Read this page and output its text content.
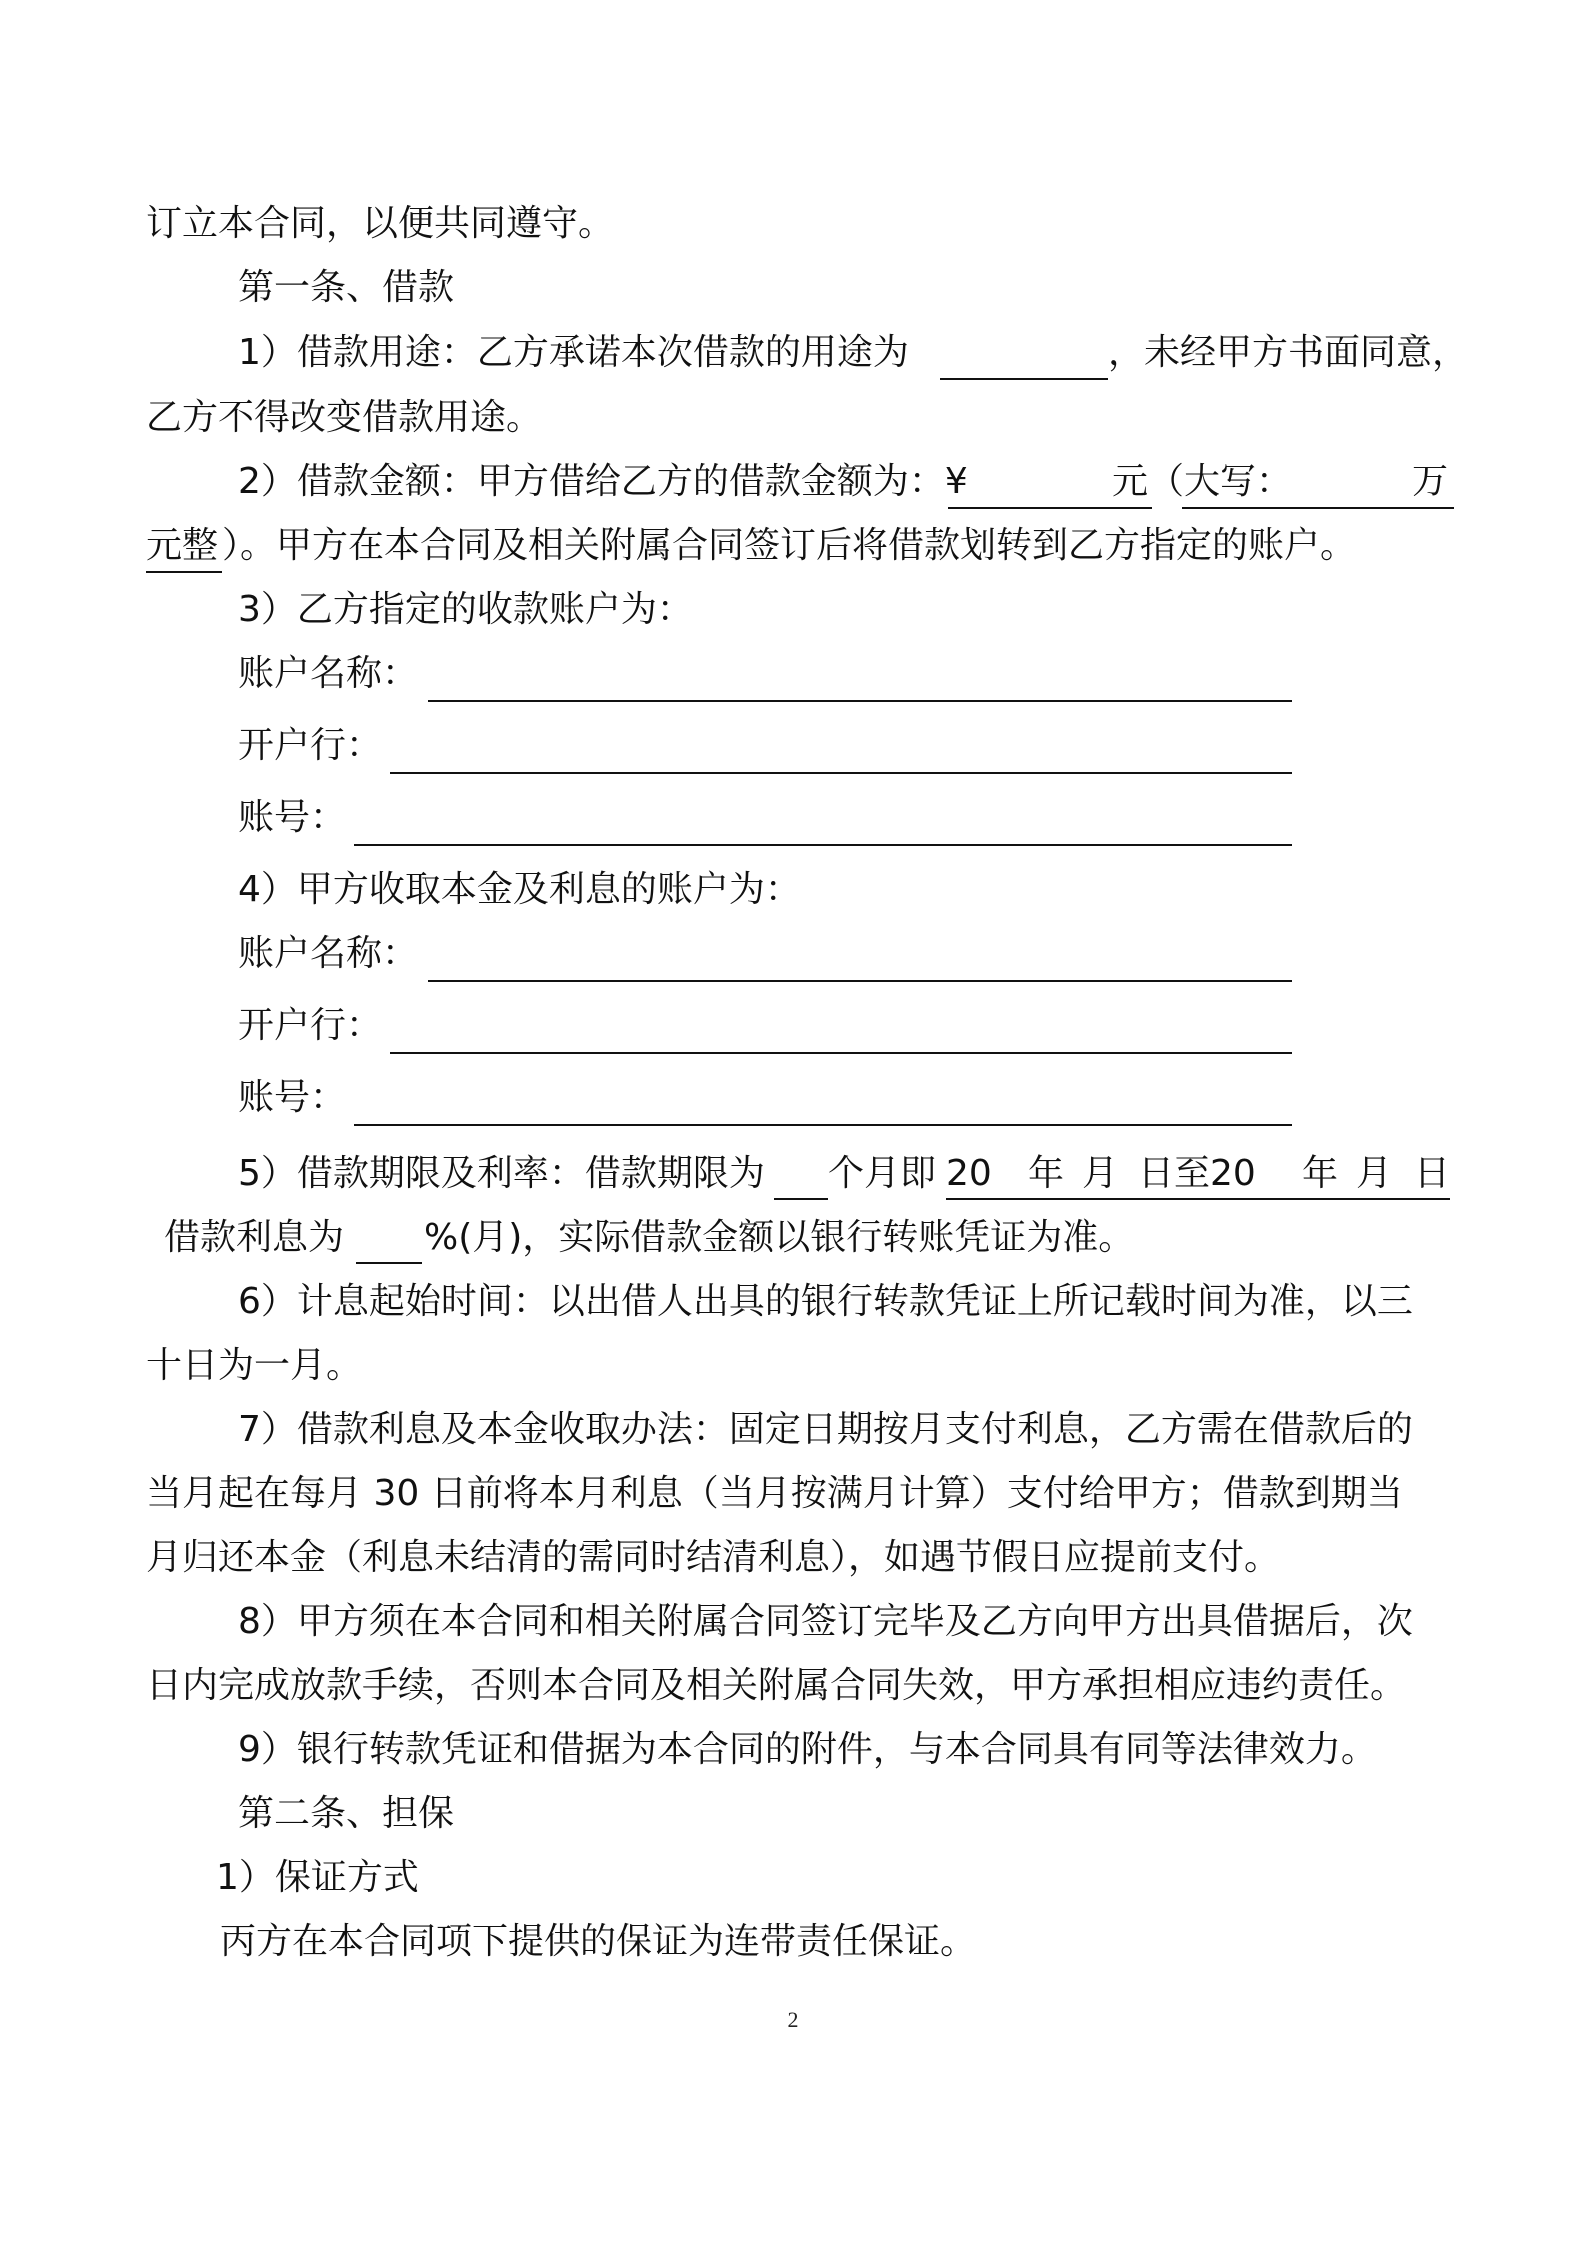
订立本合同，以便共同遵守。
第一条、借款
1）借款用途：乙方承诺本次借款的用途为	，未经甲方书面同意，
乙方不得改变借款用途。
2）借款金额：甲方借给乙方的借款金额为：¥	元（大写：	万
元整 ）。甲方在本合同及相关附属合同签订后将借款划转到乙方指定的账户。
3）乙方指定的收款账户为：
账户名称：
开户行：
账号：
4）甲方收取本金及利息的账户为：
账户名称：
开户行：
账号：
5）借款期限及利率：借款期限为 个月即 20 年 月 日至20 年 月 日
借款利息为 %(月)，实际借款金额以银行转账凭证为准。
6）计息起始时间：以出借人出具的银行转款凭证上所记载时间为准，以三
十日为一月。
7）借款利息及本金收取办法：固定日期按月支付利息，乙方需在借款后的
当月起在每月 30 日前将本月利息（当月按满月计算）支付给甲方；借款到期当
月归还本金（利息未结清的需同时结清利息），如遇节假日应提前支付。
8）甲方须在本合同和相关附属合同签订完毕及乙方向甲方出具借据后，次
日内完成放款手续，否则本合同及相关附属合同失效，甲方承担相应违约责任。
9）银行转款凭证和借据为本合同的附件，与本合同具有同等法律效力。
第二条、担保
1）保证方式
丙方在本合同项下提供的保证为连带责任保证。
2
